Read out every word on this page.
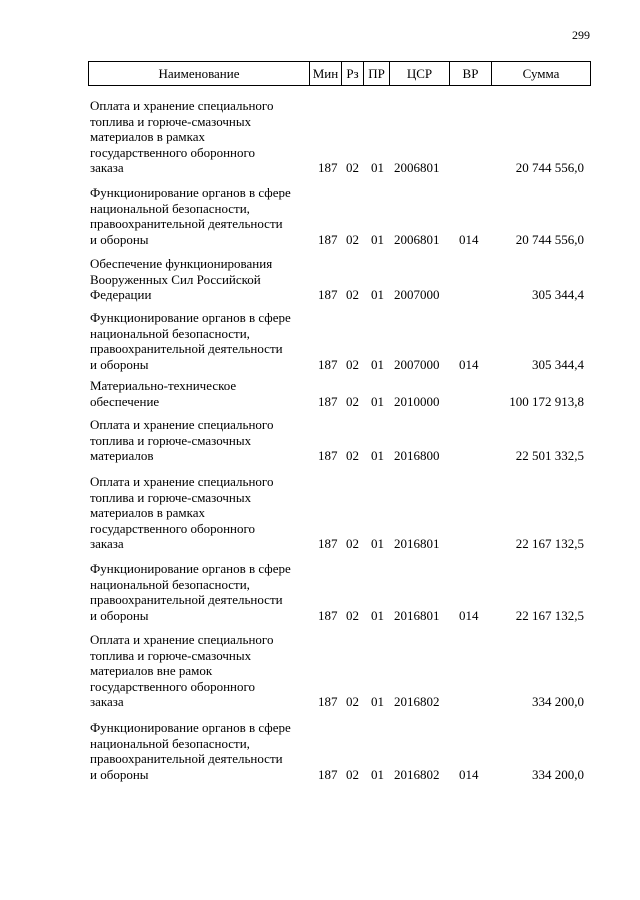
299
Наименование	Мин Рз ПР	ЦСР	ВР	Сумма
Оплата и хранение специального
топлива и горюче-смазочных
материалов в рамках
государственного оборонного
заказа	187 02 01 2006801	20 744 556,0
Функционирование органов в сфере
национальной безопасности,
правоохранительной деятельности
и обороны	187 02 01 2006801 014	20 744 556,0
Обеспечение функционирования
Вооруженных Сил Российской
Федерации	187 02 01 2007000	305 344,4
Функционирование органов в сфере
национальной безопасности,
правоохранительной деятельности
и обороны	187 02 01 2007000 014	305 344,4
Материально-техническое
обеспечение	187 02 01 2010000	100 172 913,8
Оплата и хранение специального
топлива и горюче-смазочных
материалов	187 02 01 2016800	22 501 332,5
Оплата и хранение специального
топлива и горюче-смазочных
материалов в рамках
государственного оборонного
заказа	187 02 01 2016801	22 167 132,5
Функционирование органов в сфере
национальной безопасности,
правоохранительной деятельности
и обороны	187 02 01 2016801 014	22 167 132,5
Оплата и хранение специального
топлива и горюче-смазочных
материалов вне рамок
государственного оборонного
заказа	187 02 01 2016802	334 200,0
Функционирование органов в сфере
национальной безопасности,
правоохранительной деятельности
и обороны	187 02 01 2016802 014	334 200,0
